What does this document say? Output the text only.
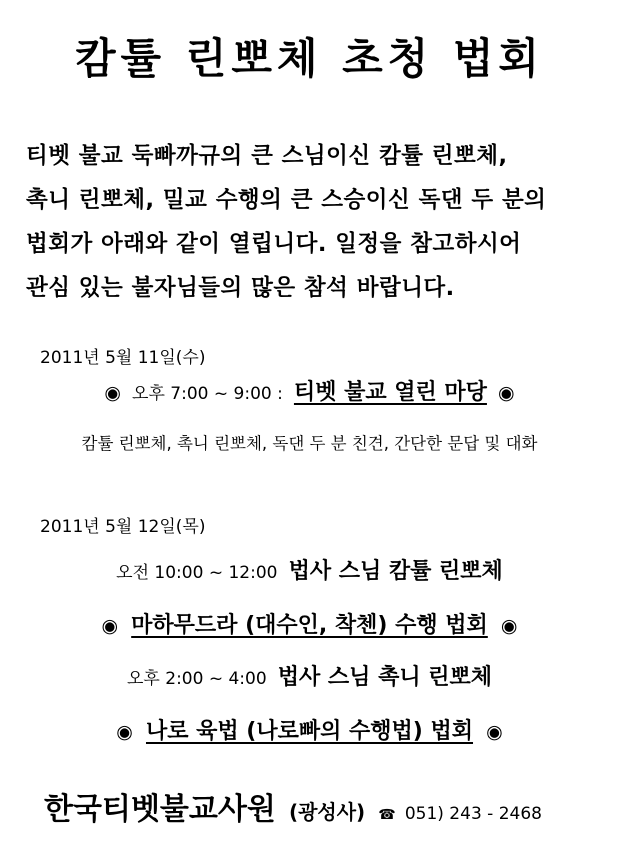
캄튤 린뽀체 초청 법회
티벳 불교 둑빠까규의 큰 스님이신 캄튤 린뽀체,
촉니 린뽀체, 밀교 수행의 큰 스승이신 독댄 두 분의
법회가 아래와 같이 열립니다. 일정을 참고하시어
관심 있는 불자님들의 많은 참석 바랍니다.
2011년 5월 11일(수)
◉ 오후 7:00 ~ 9:00 : 티벳 불교 열린 마당 ◉
캄튤 린뽀체, 촉니 린뽀체, 독댄 두 분 친견, 간단한 문답 및 대화
2011년 5월 12일(목)
오전 10:00 ~ 12:00 법사 스님 캄튤 린뽀체
◉ 마하무드라 (대수인, 착첸) 수행 법회 ◉
오후 2:00 ~ 4:00 법사 스님 촉니 린뽀체
◉ 나로 육법 (나로빠의 수행법) 법회 ◉
한국티벳불교사원 (광성사) ☎ 051) 243 - 2468
